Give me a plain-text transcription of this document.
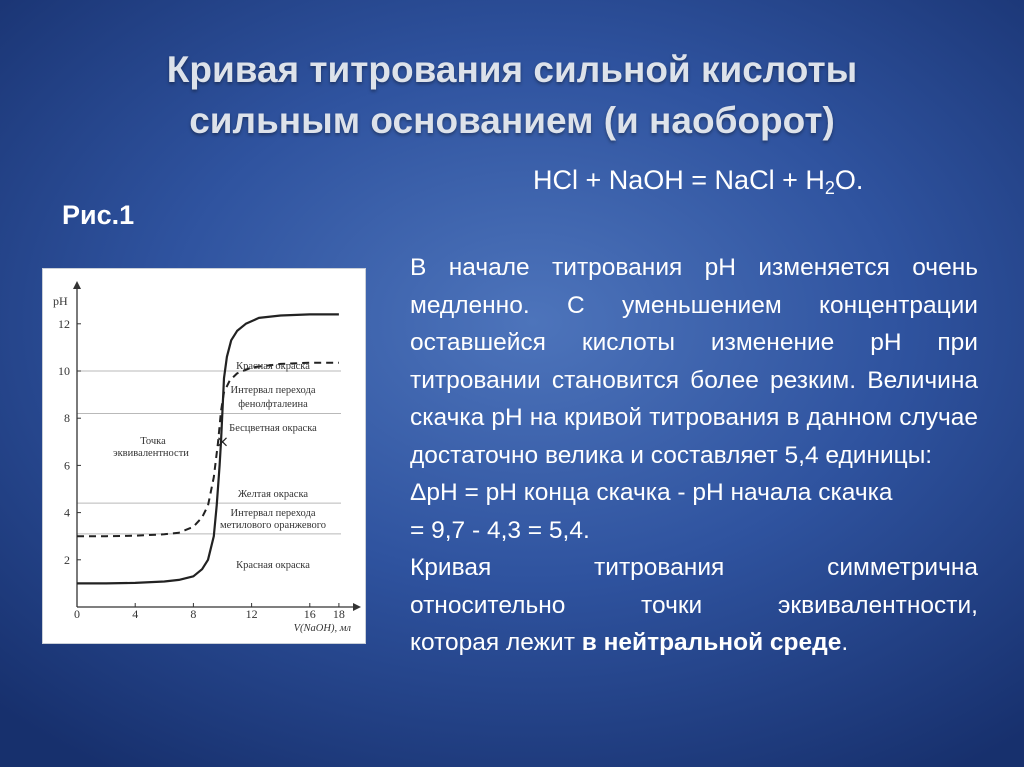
Кривая титрования сильной кислоты
сильным основанием (и наоборот)
HCl + NaOH = NaCl + $H_2O$.
Рис.1
0	4	8	12	16 18
2
4
6
8
10
12
pH
V(NaOH), мл
Точка
эквивалентности
Красная окраска
Интервал перехода
фенолфталеина
Бесцветная окраска
Желтая окраска
Интервал перехода
метилового оранжевого
Красная окраска

В начале титрования pH изменяется очень медленно. С уменьшением концентрации оставшейся кислоты изменение pH при титровании становится более резким. Величина скачка pH на кривой титрования в данном случае достаточно велика и составляет 5,4 единицы:

ΔpH = pH конца скачка - pH начала скачка
= 9,7 - 4,3 = 5,4.

Кривая титрования симметрична
относительно точки эквивалентности,
которая лежит в нейтральной среде.
